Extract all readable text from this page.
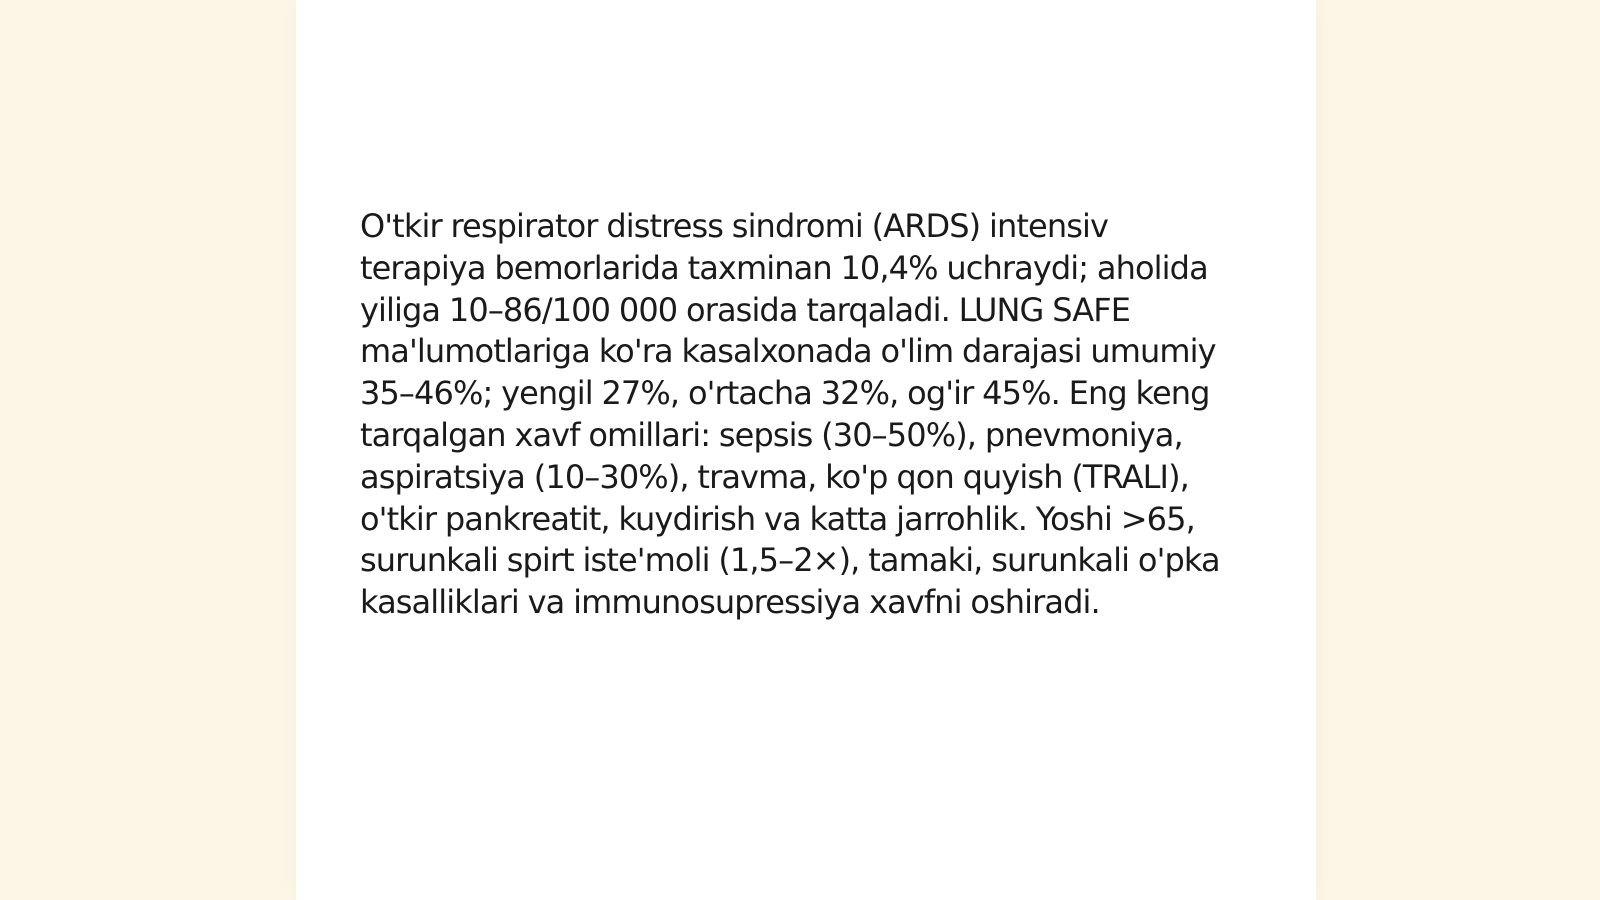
O'tkir respirator distress sindromi (ARDS) intensiv terapiya bemorlarida taxminan 10,4% uchraydi; aholida yiliga 10–86/100 000 orasida tarqaladi. LUNG SAFE ma'lumotlariga ko'ra kasalxonada o'lim darajasi umumiy 35–46%; yengil 27%, o'rtacha 32%, og'ir 45%. Eng keng tarqalgan xavf omillari: sepsis (30–50%), pnevmoniya, aspiratsiya (10–30%), travma, ko'p qon quyish (TRALI), o'tkir pankreatit, kuydirish va katta jarrohlik. Yoshi >65, surunkali spirt iste'moli (1,5–2×), tamaki, surunkali o'pka kasalliklari va immunosupressiya xavfni oshiradi.
